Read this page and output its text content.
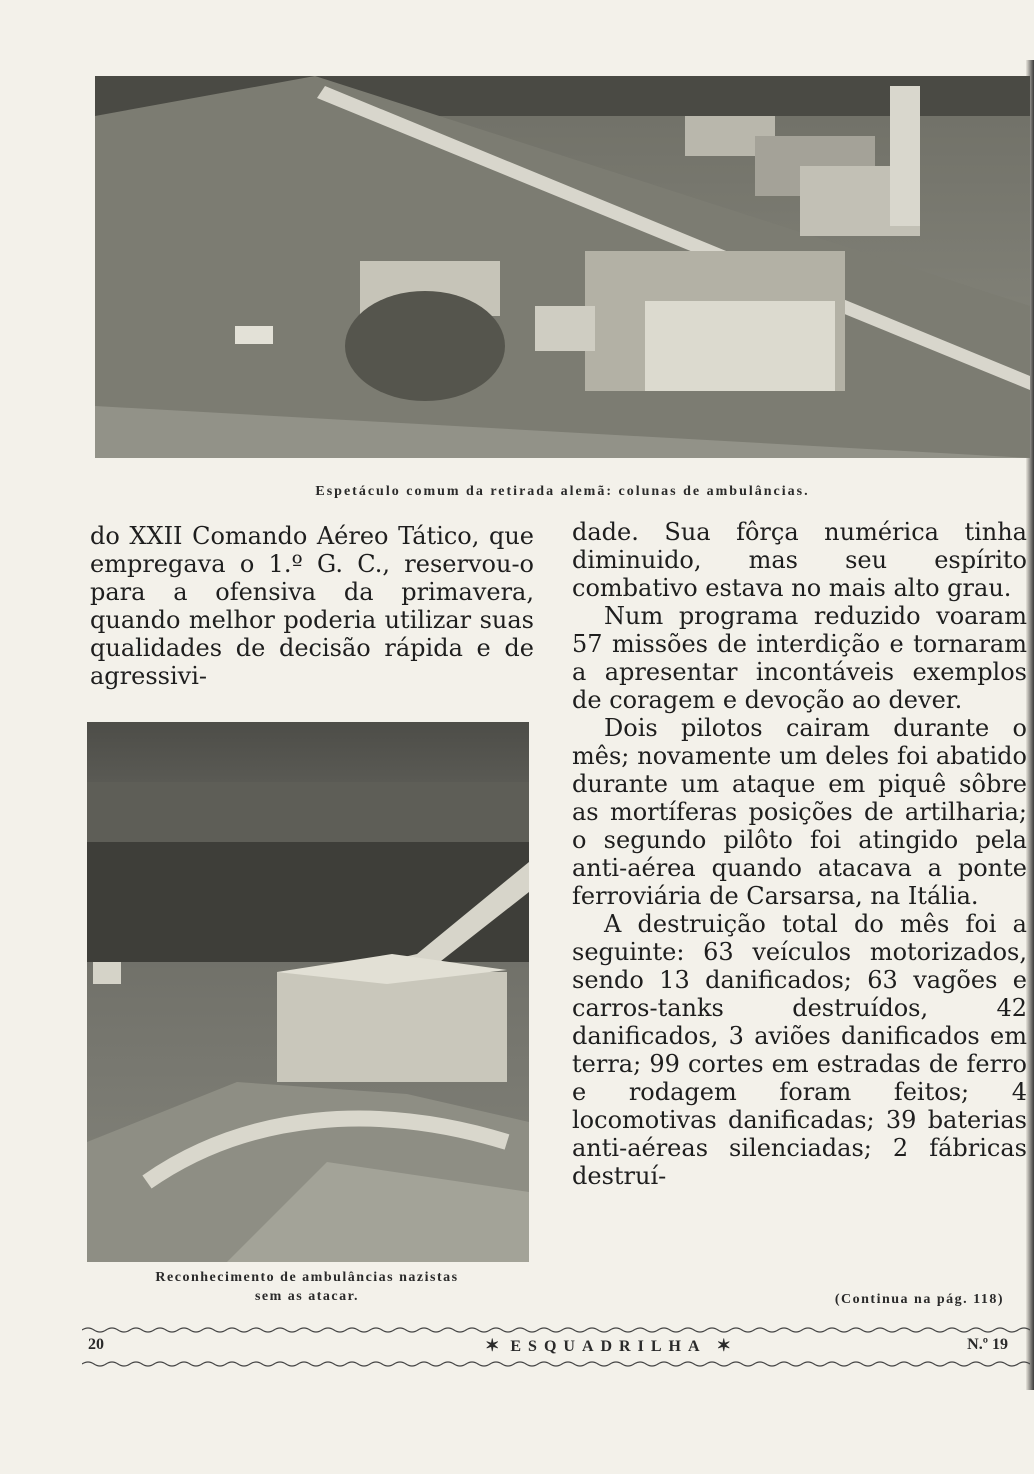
Espetáculo comum da retirada alemã: colunas de ambulâncias.

do XXII Comando Aéreo Tático, que empregava o 1.º G. C., reservou-o para a ofensiva da primavera, quando melhor poderia utilizar suas qualidades de decisão rápida e de agressivi-

Reconhecimento de ambulâncias nazistas
sem as atacar.

dade. Sua fôrça numérica tinha diminuido, mas seu espírito combativo estava no mais alto grau.

Num programa reduzido voaram 57 missões de interdição e tornaram a apresentar incontáveis exemplos de coragem e devoção ao dever.

Dois pilotos cairam durante o mês; novamente um deles foi abatido durante um ataque em piquê sôbre as mortíferas posições de artilharia; o segundo pilôto foi atingido pela anti-aérea quando atacava a ponte ferroviária de Carsarsa, na Itália.

A destruição total do mês foi a seguinte: 63 veículos motorizados, sendo 13 danificados; 63 vagões e carros-tanks destruídos, 42 danificados, 3 aviões danificados em terra; 99 cortes em estradas de ferro e rodagem foram feitos; 4 locomotivas danificadas; 39 baterias anti-aéreas silenciadas; 2 fábricas destruí-

(Continua na pág. 118)
20	✶ ESQUADRILHA ✶	N.º 19
